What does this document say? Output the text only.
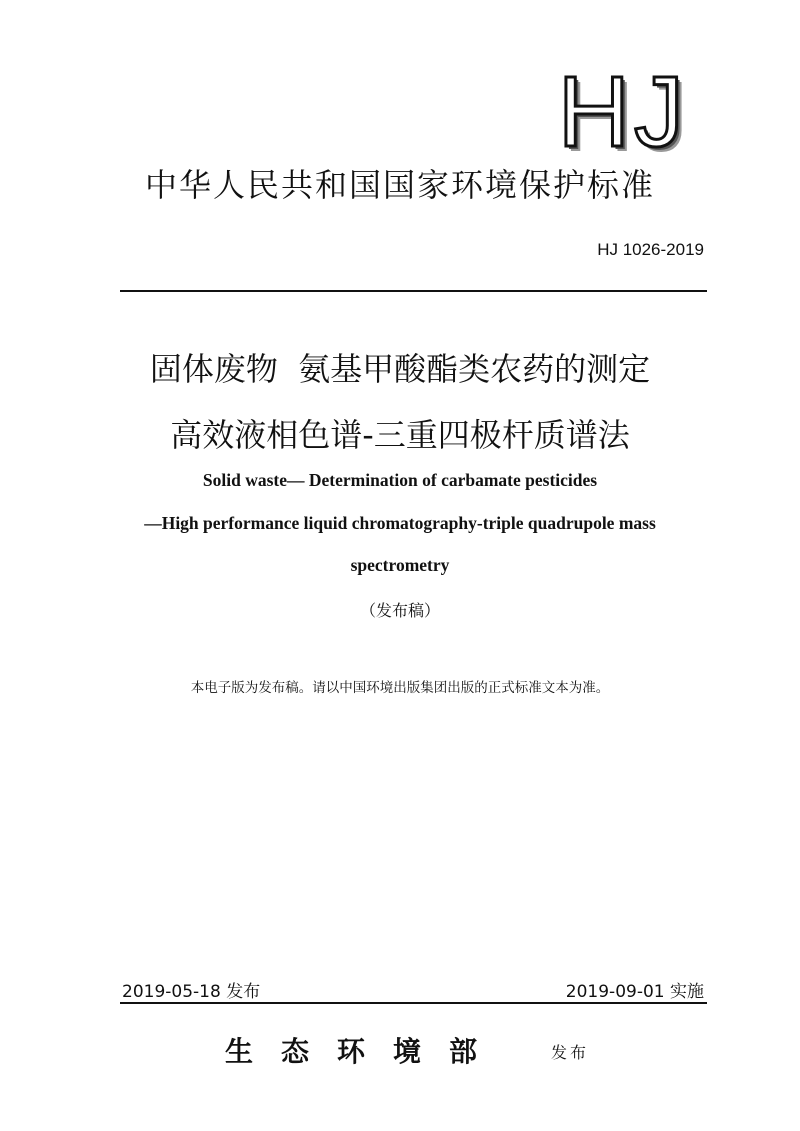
HJ
中华人民共和国国家环境保护标准
HJ 1026-2019
固体废物  氨基甲酸酯类农药的测定
高效液相色谱-三重四极杆质谱法
Solid waste— Determination of carbamate pesticides
—High performance liquid chromatography-triple quadrupole mass
spectrometry
（发布稿）
本电子版为发布稿。请以中国环境出版集团出版的正式标准文本为准。
2019-05-18 发布	2019-09-01 实施
生态环境部	发布
